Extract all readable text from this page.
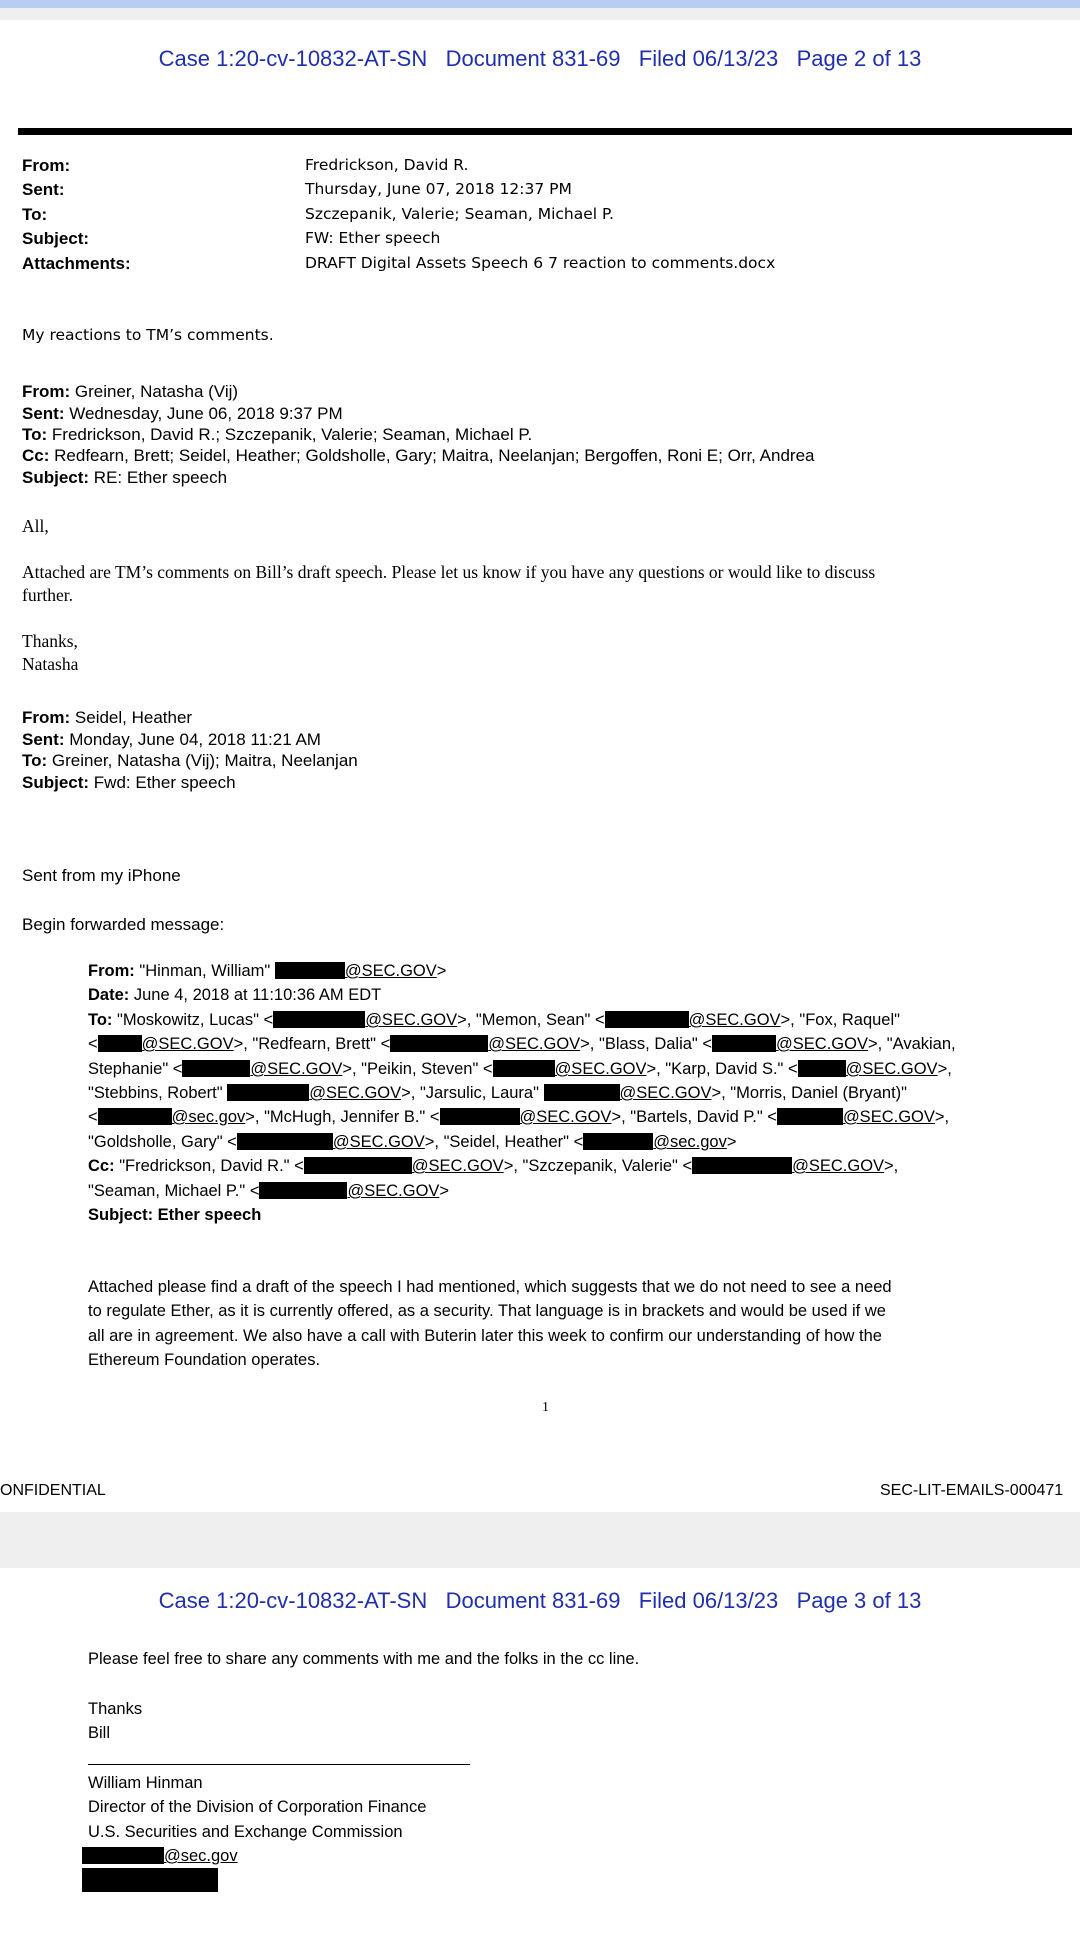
Case 1:20-cv-10832-AT-SN   Document 831-69   Filed 06/13/23   Page 2 of 13
From:	Fredrickson, David R.
Sent:	Thursday, June 07, 2018 12:37 PM
To:	Szczepanik, Valerie; Seaman, Michael P.
Subject:	FW: Ether speech
Attachments:	DRAFT Digital Assets Speech 6 7 reaction to comments.docx
My reactions to TM’s comments.
From: Greiner, Natasha (Vij)
Sent: Wednesday, June 06, 2018 9:37 PM
To: Fredrickson, David R.; Szczepanik, Valerie; Seaman, Michael P.
Cc: Redfearn, Brett; Seidel, Heather; Goldsholle, Gary; Maitra, Neelanjan; Bergoffen, Roni E; Orr, Andrea
Subject: RE: Ether speech
All,
Attached are TM’s comments on Bill’s draft speech. Please let us know if you have any questions or would like to discuss
further.
Thanks,
Natasha
From: Seidel, Heather
Sent: Monday, June 04, 2018 11:21 AM
To: Greiner, Natasha (Vij); Maitra, Neelanjan
Subject: Fwd: Ether speech
Sent from my iPhone
Begin forwarded message:
From: "Hinman, William"	@SEC.GOV>
Date: June 4, 2018 at 11:10:36 AM EDT
To: "Moskowitz, Lucas" <	@SEC.GOV>, "Memon, Sean" <	@SEC.GOV>, "Fox, Raquel"
<	@SEC.GOV>, "Redfearn, Brett" <	@SEC.GOV>, "Blass, Dalia" <	@SEC.GOV>, "Avakian,
Stephanie" <	@SEC.GOV>, "Peikin, Steven" <	@SEC.GOV>, "Karp, David S." <	@SEC.GOV>,
"Stebbins, Robert"	@SEC.GOV>, "Jarsulic, Laura"	@SEC.GOV>, "Morris, Daniel (Bryant)"
<	@sec.gov>, "McHugh, Jennifer B." <	@SEC.GOV>, "Bartels, David P." <	@SEC.GOV>,
"Goldsholle, Gary" <	@SEC.GOV>, "Seidel, Heather" <	@sec.gov>
Cc: "Fredrickson, David R." <	@SEC.GOV>, "Szczepanik, Valerie" <	@SEC.GOV>,
"Seaman, Michael P." <	@SEC.GOV>
Subject: Ether speech
Attached please find a draft of the speech I had mentioned, which suggests that we do not need to see a need
to regulate Ether, as it is currently offered, as a security. That language is in brackets and would be used if we
all are in agreement. We also have a call with Buterin later this week to confirm our understanding of how the
Ethereum Foundation operates.
1
ONFIDENTIAL	SEC-LIT-EMAILS-000471
Case 1:20-cv-10832-AT-SN   Document 831-69   Filed 06/13/23   Page 3 of 13
Please feel free to share any comments with me and the folks in the cc line.
Thanks
Bill
William Hinman
Director of the Division of Corporation Finance
U.S. Securities and Exchange Commission
@sec.gov
